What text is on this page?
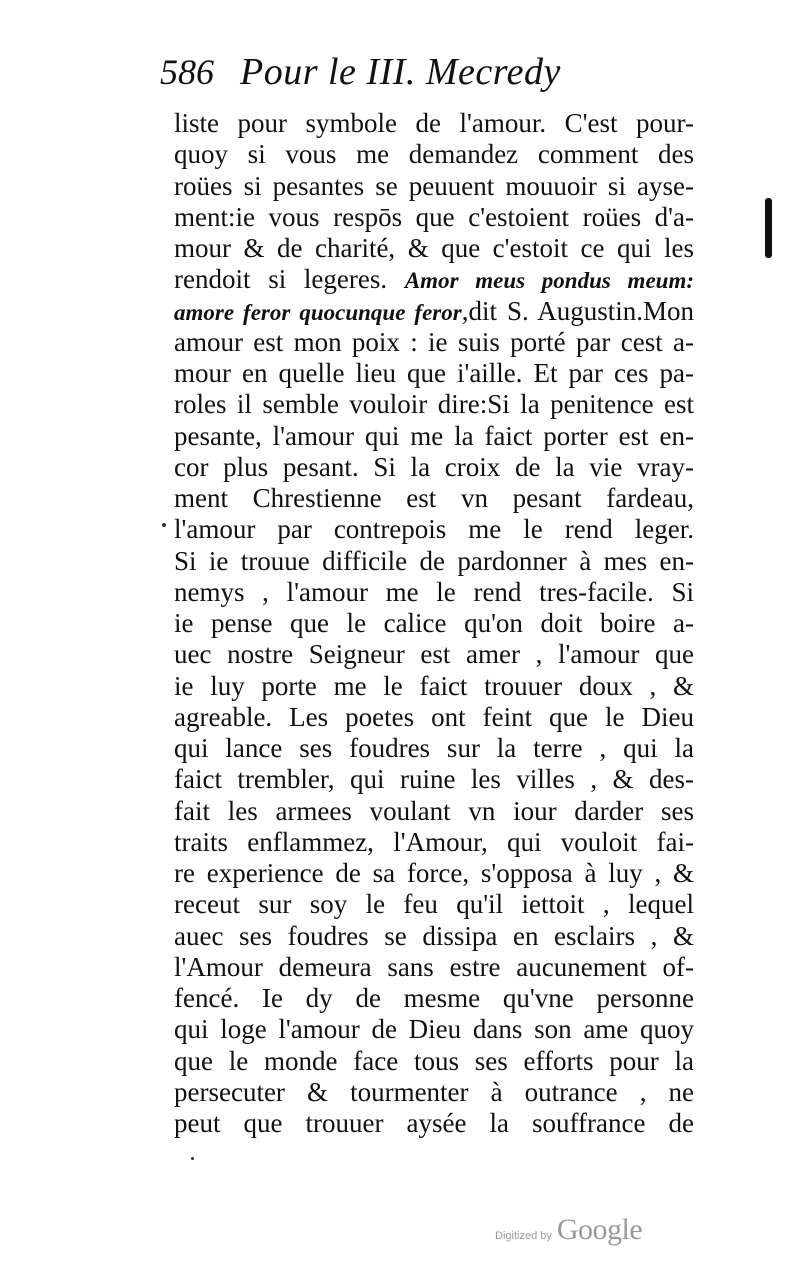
586 Pour le III. Mecredy
liste pour symbole de l'amour. C'est pour-
quoy si vous me demandez comment des
roües si pesantes se peuuent mouuoir si ayse-
ment:ie vous respōs que c'estoient roües d'a-
mour & de charité, & que c'estoit ce qui les
rendoit si legeres. Amor meus pondus meum:
amore feror quocunque feror,dit S. Augustin.Mon
amour est mon poix : ie suis porté par cest a-
mour en quelle lieu que i'aille. Et par ces pa-
roles il semble vouloir dire:Si la penitence est
pesante, l'amour qui me la faict porter est en-
cor plus pesant. Si la croix de la vie vray-
ment Chrestienne est vn pesant fardeau,
l'amour par contrepois me le rend leger.
Si ie trouue difficile de pardonner à mes en-
nemys , l'amour me le rend tres-facile. Si
ie pense que le calice qu'on doit boire a-
uec nostre Seigneur est amer , l'amour que
ie luy porte me le faict trouuer doux , &
agreable. Les poetes ont feint que le Dieu
qui lance ses foudres sur la terre , qui la
faict trembler, qui ruine les villes , & des-
fait les armees voulant vn iour darder ses
traits enflammez, l'Amour, qui vouloit fai-
re experience de sa force, s'opposa à luy , &
receut sur soy le feu qu'il iettoit , lequel
auec ses foudres se dissipa en esclairs , &
l'Amour demeura sans estre aucunement of-
fencé. Ie dy de mesme qu'vne personne
qui loge l'amour de Dieu dans son ame quoy
que le monde face tous ses efforts pour la
persecuter & tourmenter à outrance , ne
peut que trouuer aysée la souffrance de
Digitized by Google
